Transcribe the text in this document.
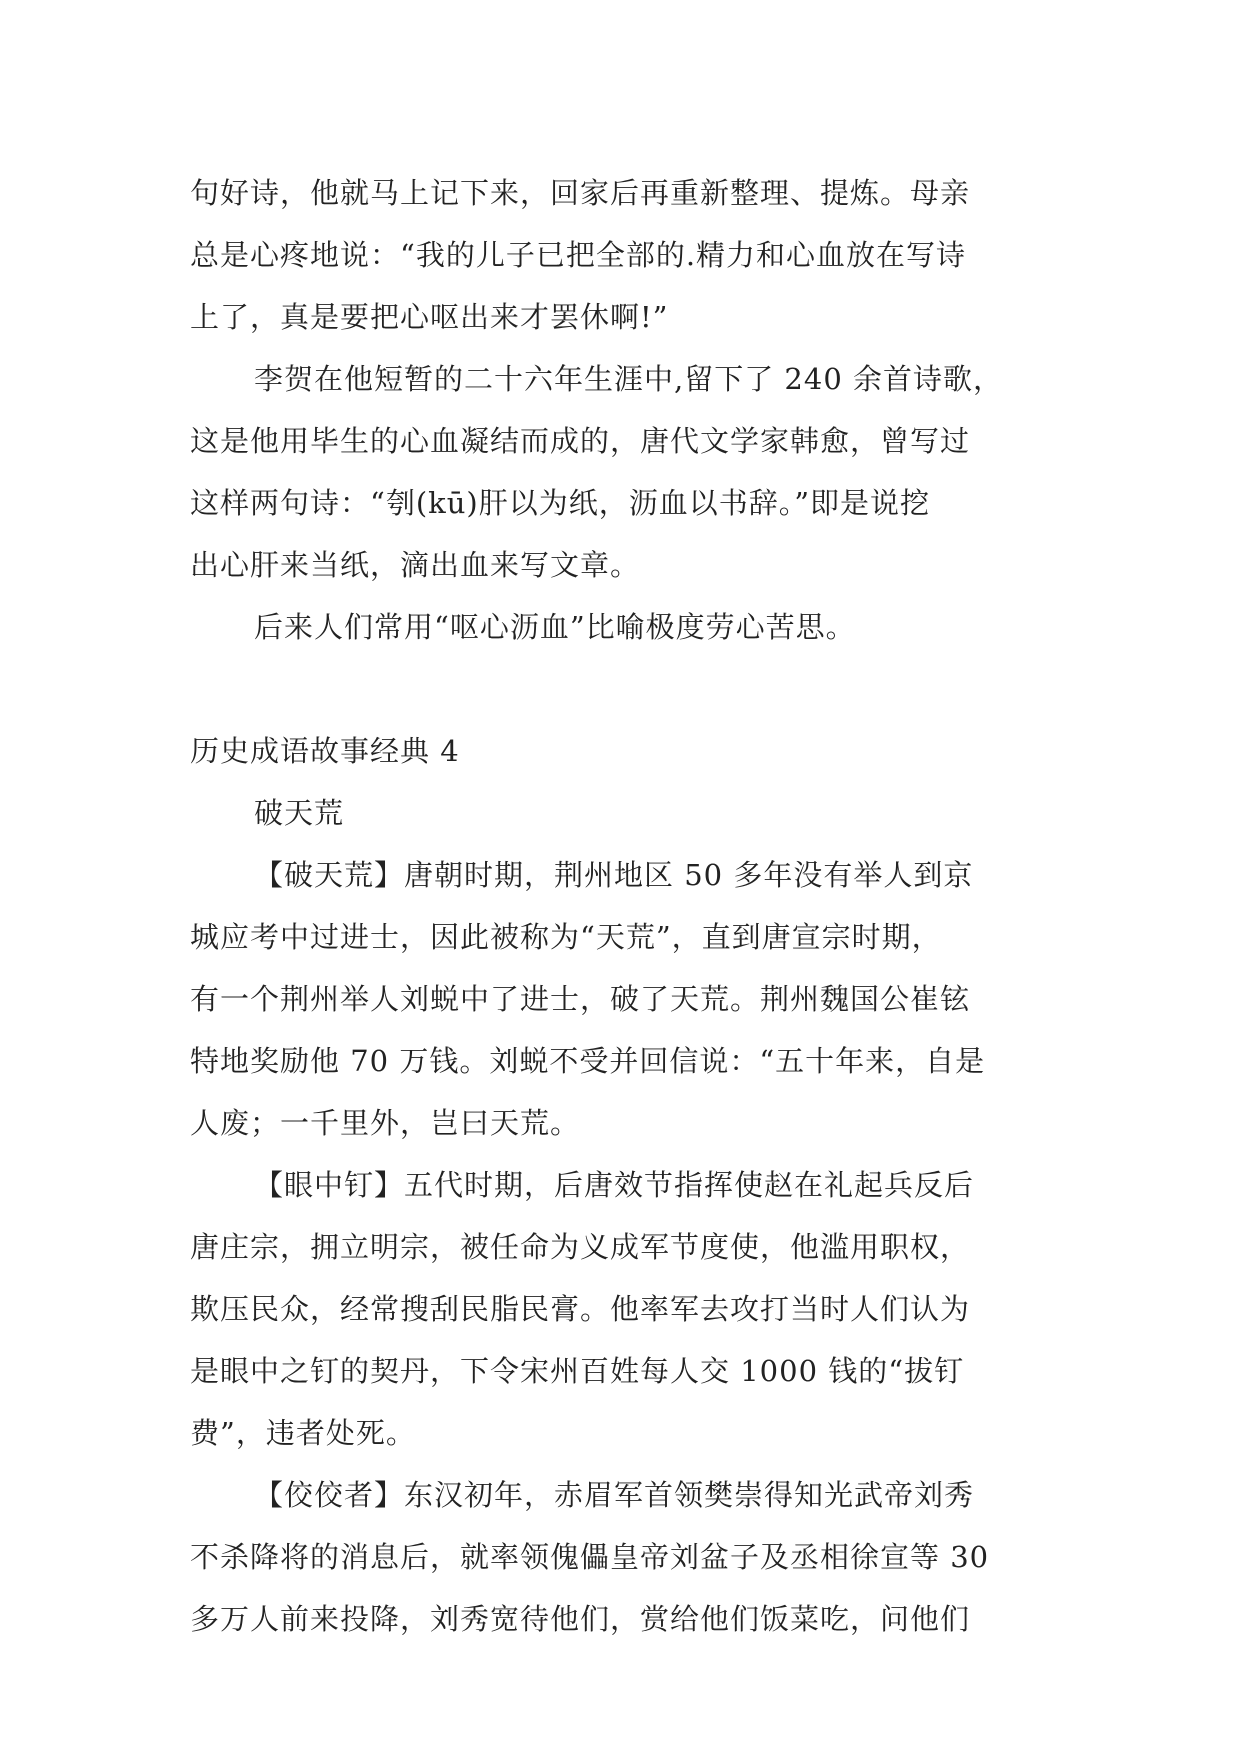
句好诗，他就马上记下来，回家后再重新整理、提炼。母亲
总是心疼地说：“我的儿子已把全部的.精力和心血放在写诗
上了，真是要把心呕出来才罢休啊!”
李贺在他短暂的二十六年生涯中,留下了 240 余首诗歌，
这是他用毕生的心血凝结而成的，唐代文学家韩愈，曾写过
这样两句诗：“刳(kū)肝以为纸，沥血以书辞。”即是说挖
出心肝来当纸，滴出血来写文章。
后来人们常用“呕心沥血”比喻极度劳心苦思。
历史成语故事经典 4
破天荒
【破天荒】唐朝时期，荆州地区 50 多年没有举人到京
城应考中过进士，因此被称为“天荒”，直到唐宣宗时期，
有一个荆州举人刘蜕中了进士，破了天荒。荆州魏国公崔铉
特地奖励他 70 万钱。刘蜕不受并回信说：“五十年来，自是
人废；一千里外，岂曰天荒。
【眼中钉】五代时期，后唐效节指挥使赵在礼起兵反后
唐庄宗，拥立明宗，被任命为义成军节度使，他滥用职权，
欺压民众，经常搜刮民脂民膏。他率军去攻打当时人们认为
是眼中之钉的契丹，下令宋州百姓每人交 1000 钱的“拔钉
费”，违者处死。
【佼佼者】东汉初年，赤眉军首领樊崇得知光武帝刘秀
不杀降将的消息后，就率领傀儡皇帝刘盆子及丞相徐宣等 30
多万人前来投降，刘秀宽待他们，赏给他们饭菜吃，问他们
